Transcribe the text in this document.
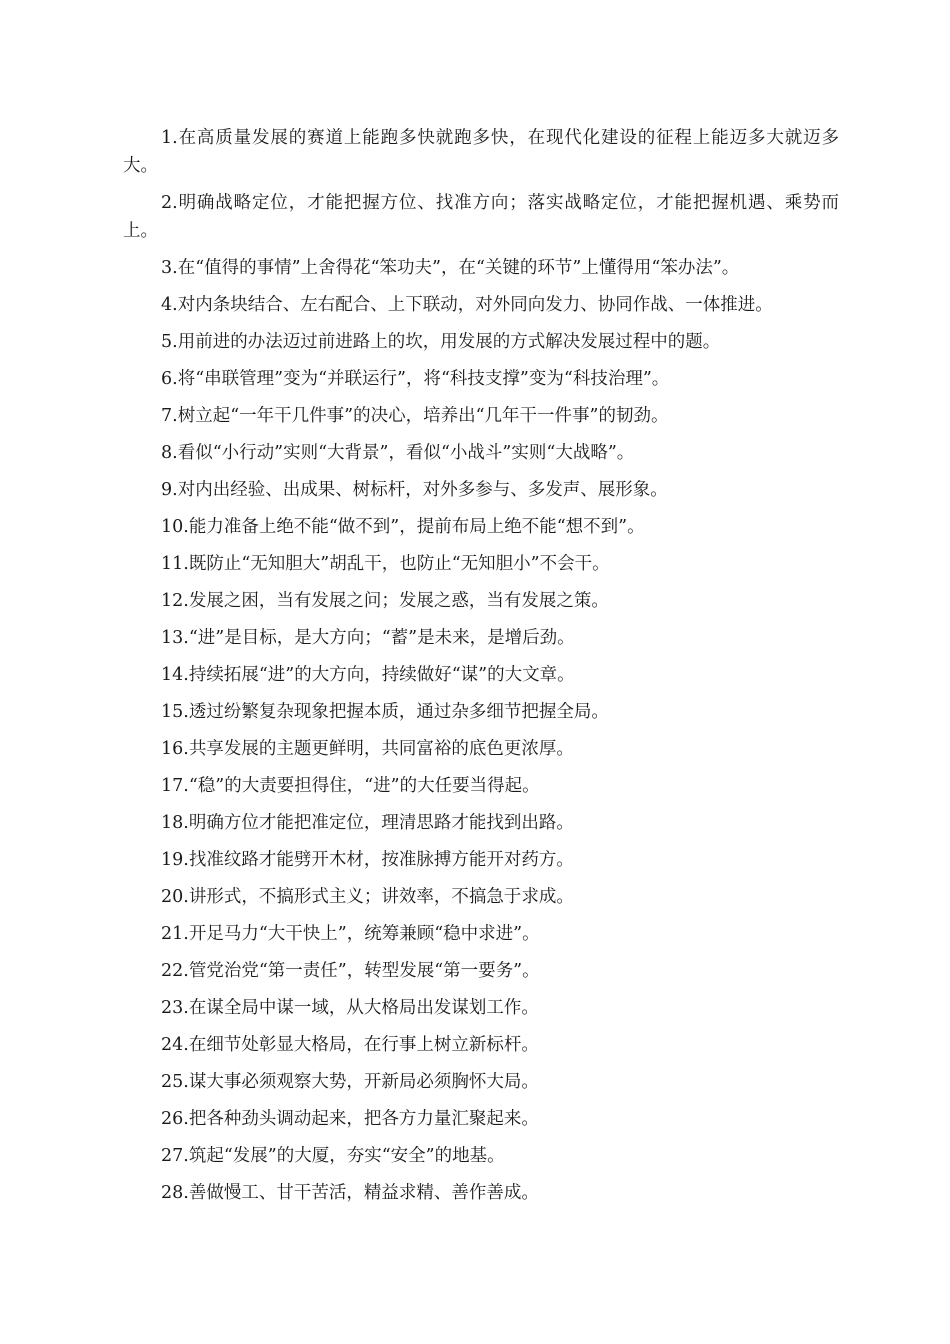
1.在高质量发展的赛道上能跑多快就跑多快，在现代化建设的征程上能迈多大就迈多大。

2.明确战略定位，才能把握方位、找准方向；落实战略定位，才能把握机遇、乘势而上。

3.在“值得的事情”上舍得花“笨功夫”，在“关键的环节”上懂得用“笨办法”。

4.对内条块结合、左右配合、上下联动，对外同向发力、协同作战、一体推进。

5.用前进的办法迈过前进路上的坎，用发展的方式解决发展过程中的题。

6.将“串联管理”变为“并联运行”，将“科技支撑”变为“科技治理”。

7.树立起“一年干几件事”的决心，培养出“几年干一件事”的韧劲。

8.看似“小行动”实则“大背景”，看似“小战斗”实则“大战略”。

9.对内出经验、出成果、树标杆，对外多参与、多发声、展形象。

10.能力准备上绝不能“做不到”，提前布局上绝不能“想不到”。

11.既防止“无知胆大”胡乱干，也防止“无知胆小”不会干。

12.发展之困，当有发展之问；发展之惑，当有发展之策。

13.“进”是目标，是大方向；“蓄”是未来，是增后劲。

14.持续拓展“进”的大方向，持续做好“谋”的大文章。

15.透过纷繁复杂现象把握本质，通过杂多细节把握全局。

16.共享发展的主题更鲜明，共同富裕的底色更浓厚。

17.“稳”的大责要担得住，“进”的大任要当得起。

18.明确方位才能把准定位，理清思路才能找到出路。

19.找准纹路才能劈开木材，按准脉搏方能开对药方。

20.讲形式，不搞形式主义；讲效率，不搞急于求成。

21.开足马力“大干快上”，统筹兼顾“稳中求进”。

22.管党治党“第一责任”，转型发展“第一要务”。

23.在谋全局中谋一域，从大格局出发谋划工作。

24.在细节处彰显大格局，在行事上树立新标杆。

25.谋大事必须观察大势，开新局必须胸怀大局。

26.把各种劲头调动起来，把各方力量汇聚起来。

27.筑起“发展”的大厦，夯实“安全”的地基。

28.善做慢工、甘干苦活，精益求精、善作善成。
